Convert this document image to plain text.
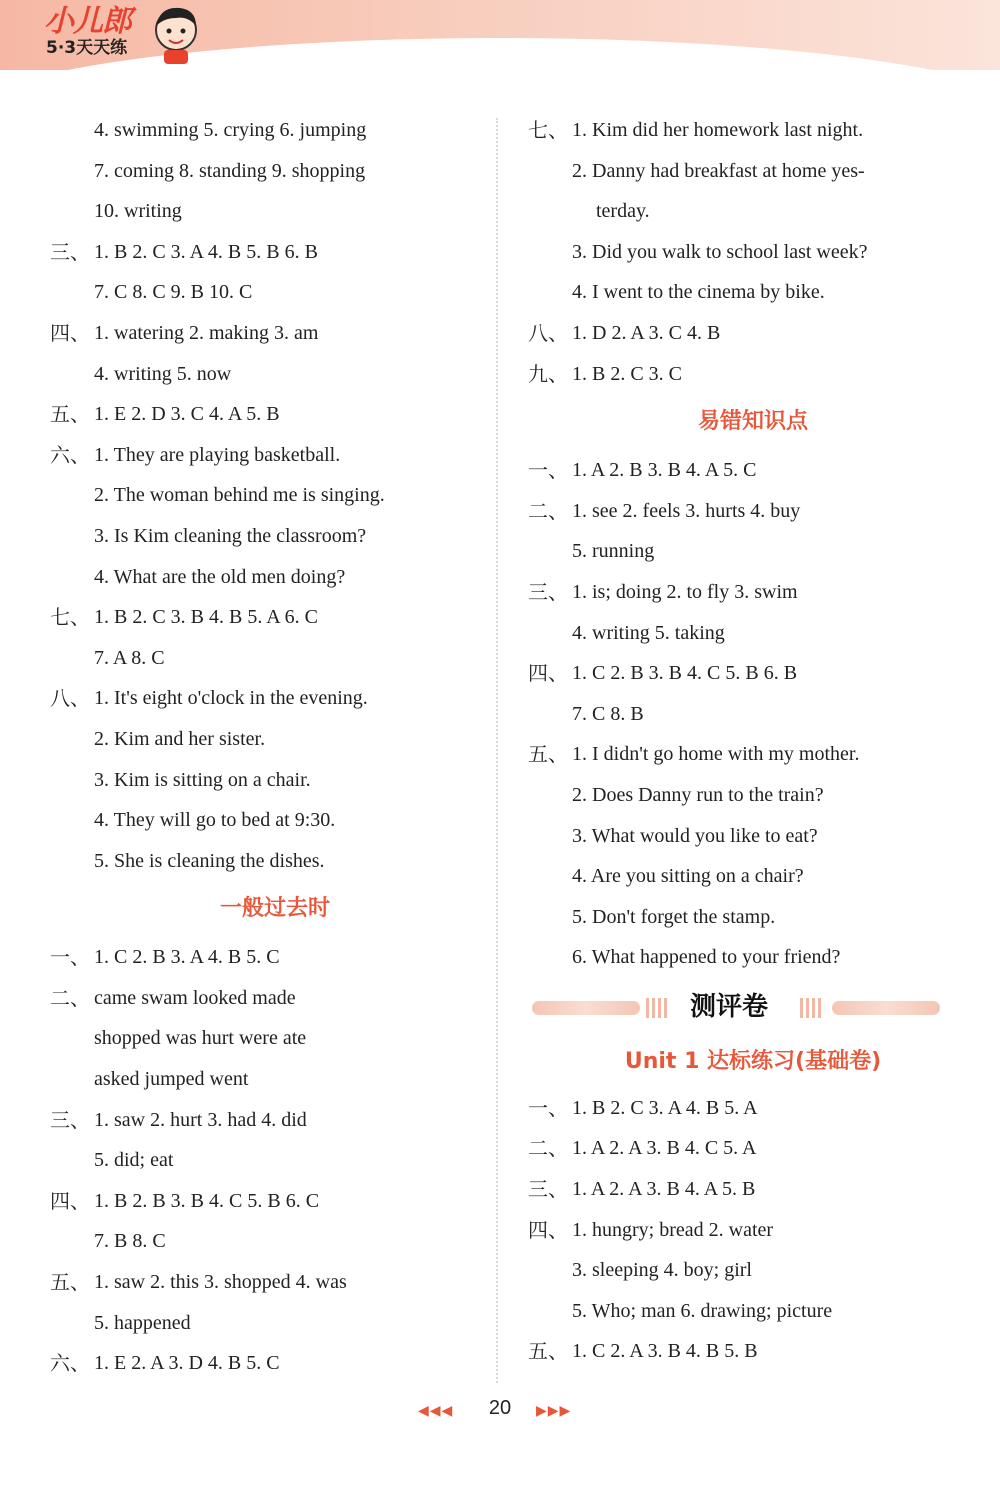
小儿郎
5·3天天练
4. swimming 5. crying 6. jumping
7. coming 8. standing 9. shopping
10. writing
三、 1. B 2. C 3. A 4. B 5. B 6. B
7. C 8. C 9. B 10. C
四、 1. watering 2. making 3. am
4. writing 5. now
五、 1. E 2. D 3. C 4. A 5. B
六、 1. They are playing basketball.
2. The woman behind me is singing.
3. Is Kim cleaning the classroom?
4. What are the old men doing?
七、 1. B 2. C 3. B 4. B 5. A 6. C
7. A 8. C
八、 1. It's eight o'clock in the evening.
2. Kim and her sister.
3. Kim is sitting on a chair.
4. They will go to bed at 9:30.
5. She is cleaning the dishes.
一般过去时
一、 1. C 2. B 3. A 4. B 5. C
二、 came swam looked made
shopped was hurt were ate
asked jumped went
三、 1. saw 2. hurt 3. had 4. did
5. did; eat
四、 1. B 2. B 3. B 4. C 5. B 6. C
7. B 8. C
五、 1. saw 2. this 3. shopped 4. was
5. happened
六、 1. E 2. A 3. D 4. B 5. C
七、 1. Kim did her homework last night.
2. Danny had breakfast at home yes-
terday.
3. Did you walk to school last week?
4. I went to the cinema by bike.
八、 1. D 2. A 3. C 4. B
九、 1. B 2. C 3. C
易错知识点
一、 1. A 2. B 3. B 4. A 5. C
二、 1. see 2. feels 3. hurts 4. buy
5. running
三、 1. is; doing 2. to fly 3. swim
4. writing 5. taking
四、 1. C 2. B 3. B 4. C 5. B 6. B
7. C 8. B
五、 1. I didn't go home with my mother.
2. Does Danny run to the train?
3. What would you like to eat?
4. Are you sitting on a chair?
5. Don't forget the stamp.
6. What happened to your friend?
测评卷
Unit 1 达标练习(基础卷)
一、 1. B 2. C 3. A 4. B 5. A
二、 1. A 2. A 3. B 4. C 5. A
三、 1. A 2. A 3. B 4. A 5. B
四、 1. hungry; bread 2. water
3. sleeping 4. boy; girl
5. Who; man 6. drawing; picture
五、 1. C 2. A 3. B 4. B 5. B
◀◀◀	20	▶▶▶
